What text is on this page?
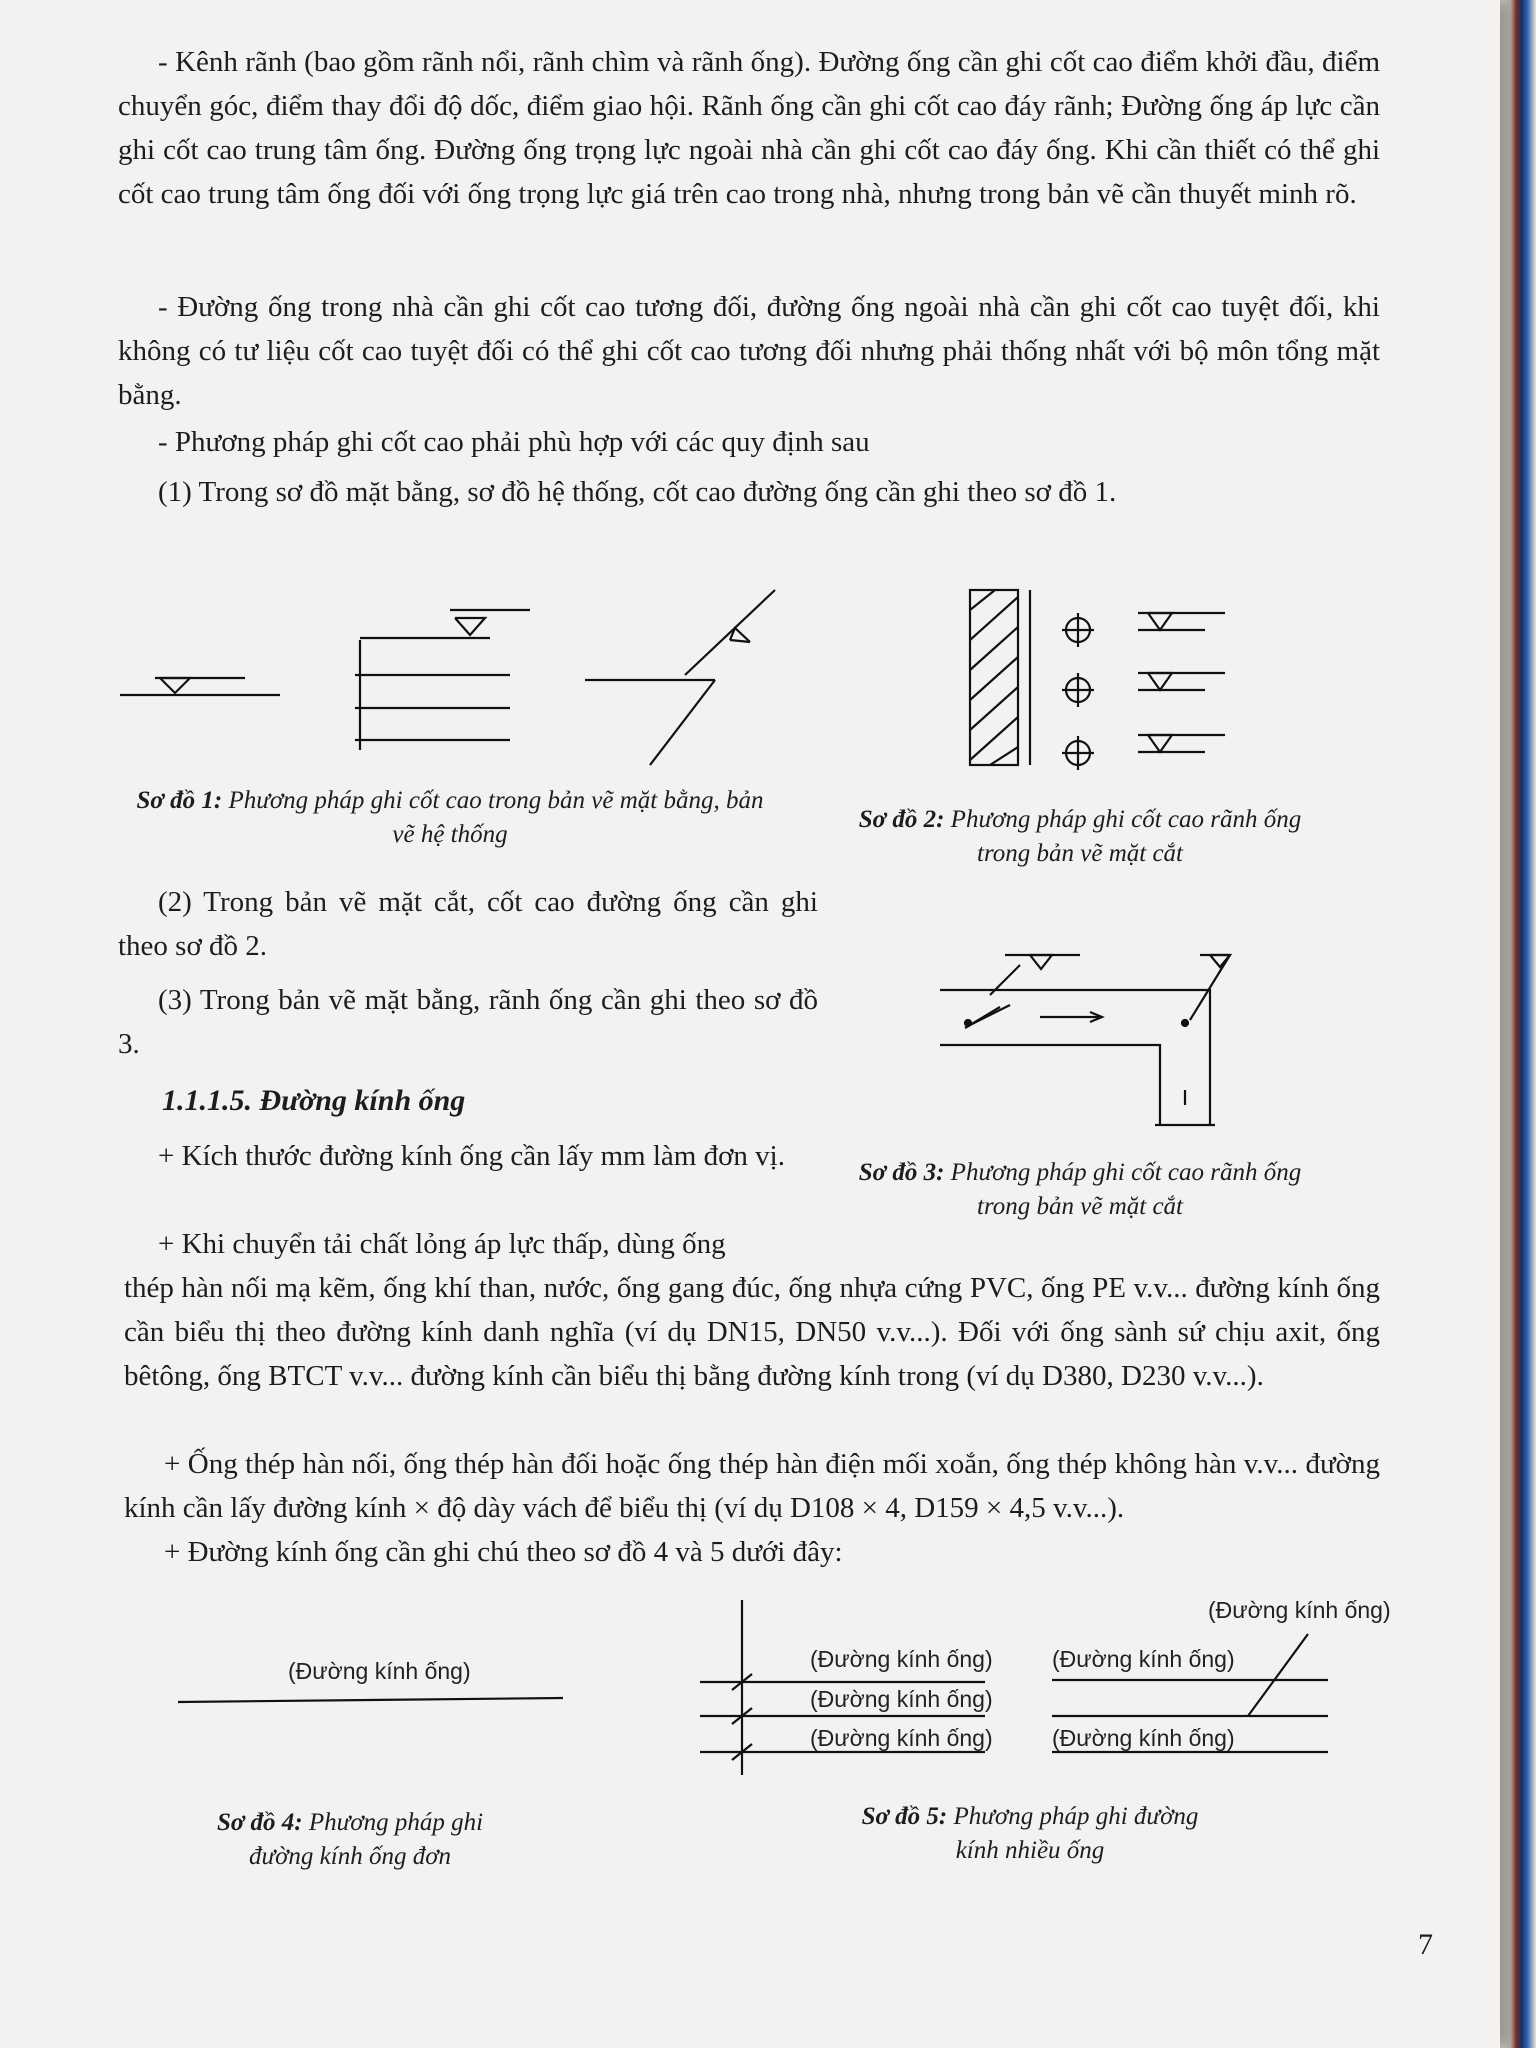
- Kênh rãnh (bao gồm rãnh nổi, rãnh chìm và rãnh ống). Đường ống cần ghi cốt cao điểm khởi đầu, điểm chuyển góc, điểm thay đổi độ dốc, điểm giao hội. Rãnh ống cần ghi cốt cao đáy rãnh; Đường ống áp lực cần ghi cốt cao trung tâm ống. Đường ống trọng lực ngoài nhà cần ghi cốt cao đáy ống. Khi cần thiết có thể ghi cốt cao trung tâm ống đối với ống trọng lực giá trên cao trong nhà, nhưng trong bản vẽ cần thuyết minh rõ.

- Đường ống trong nhà cần ghi cốt cao tương đối, đường ống ngoài nhà cần ghi cốt cao tuyệt đối, khi không có tư liệu cốt cao tuyệt đối có thể ghi cốt cao tương đối nhưng phải thống nhất với bộ môn tổng mặt bằng.

- Phương pháp ghi cốt cao phải phù hợp với các quy định sau

(1) Trong sơ đồ mặt bằng, sơ đồ hệ thống, cốt cao đường ống cần ghi theo sơ đồ 1.

Sơ đồ 1: Phương pháp ghi cốt cao trong bản vẽ mặt bằng, bản vẽ hệ thống

Sơ đồ 2: Phương pháp ghi cốt cao rãnh ống trong bản vẽ mặt cắt

(2) Trong bản vẽ mặt cắt, cốt cao đường ống cần ghi theo sơ đồ 2.

(3) Trong bản vẽ mặt bằng, rãnh ống cần ghi theo sơ đồ 3.

1.1.1.5. Đường kính ống

+ Kích thước đường kính ống cần lấy mm làm đơn vị.

Sơ đồ 3: Phương pháp ghi cốt cao rãnh ống trong bản vẽ mặt cắt

+ Khi chuyển tải chất lỏng áp lực thấp, dùng ống

thép hàn nối mạ kẽm, ống khí than, nước, ống gang đúc, ống nhựa cứng PVC, ống PE v.v... đường kính ống cần biểu thị theo đường kính danh nghĩa (ví dụ DN15, DN50 v.v...). Đối với ống sành sứ chịu axit, ống bêtông, ống BTCT v.v... đường kính cần biểu thị bằng đường kính trong (ví dụ D380, D230 v.v...).

+ Ống thép hàn nối, ống thép hàn đối hoặc ống thép hàn điện mối xoắn, ống thép không hàn v.v... đường kính cần lấy đường kính × độ dày vách để biểu thị (ví dụ D108 × 4, D159 × 4,5 v.v...).

+ Đường kính ống cần ghi chú theo sơ đồ 4 và 5 dưới đây:

(Đường kính ống)	(Đường kính ống)
(Đường kính ống)
(Đường kính ống)
(Đường kính ống)
(Đường kính ống)
(Đường kính ống)

Sơ đồ 4: Phương pháp ghi đường kính ống đơn

Sơ đồ 5: Phương pháp ghi đường kính nhiều ống

7
